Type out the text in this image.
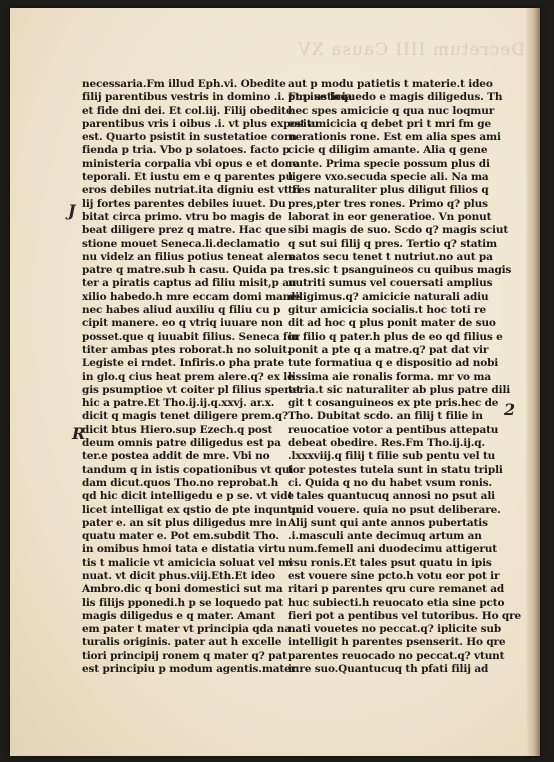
Decretum IIII Causa XV
necessaria.Fm illud Eph.vi. Obedite
filij parentibus vestris in domino .i. Fm iusticia
et fide dni dei. Et col.iij. Filij obedite
parentibus vris i oibus .i. vt plus expositu
est. Quarto psistit in sustetatioe corn
fienda p tria. Vbo p solatoes. facto p
ministeria corpalia vbi opus e et dono
teporali. Et iustu em e q parentes pu
eros debiles nutriat.ita digniu est vt fi
lij fortes parentes debiles iuuet. Du
bitat circa primo. vtru bo magis de
beat diligere prez q matre. Hac que
stione mouet Seneca.li.declamatio
nu videlz an filius potius teneat alere
patre q matre.sub h casu. Quida pa
ter a piratis captus ad filiu misit,p au
xilio habedo.h mre eccam domi manes
nec habes aliud auxiliu q filiu cu p
cipit manere. eo q vtriq iuuare non
posset.que q iuuabit filius. Seneca for
titer ambas ptes roborat.h no soluit.
Legiste ei rndet. Infiris.o pha prate
in glo.q cius heat prem alere.q? ex le
gis psumptioe vt coiter pl filius sperat
hic a patre.Et Tho.ij.ij.q.xxvj. ar.x.
dicit q magis tenet diligere prem.q?
dicit btus Hiero.sup Ezech.q post
deum omnis patre diligedus est pa
ter.e postea addit de mre. Vbi no
tandum q in istis copationibus vt qui
dam dicut.quos Tho.no reprobat.h
qd hic dicit intelligedu e p se. vt vide
licet intelligat ex qstio de pte inquntu
pater e. an sit plus diligedus mre in
quatu mater e. Pot em.subdit Tho.
in omibus hmoi tata e distatia virtu
tis t malicie vt amicicia soluat vel mi
nuat. vt dicit phus.viij.Eth.Et ideo
Ambro.dic q boni domestici sut ma
lis filijs pponedi.h p se loquedo pat
magis diligedus e q mater. Amant
em pater t mater vt principia qda na
turalis originis. pater aut h excelle
tiori principij ronem q mater q? pat
est principiu p modum agentis.mater
aut p modu patietis t materie.t ideo
pt p se loquedo e magis diligedus. Th
hec spes amicicie q qua nuc loqmur
est amicicia q debet pri t mri fm ge
nerationis rone. Est em alia spes ami
cicie q diligim amante. Alia q gene
rante. Prima specie possum plus di
ligere vxo.secuda specie ali. Na ma
tres naturaliter plus diligut filios q
pres,pter tres rones. Primo q? plus
laborat in eor generatioe. Vn ponut
sibi magis de suo. Scdo q? magis sciut
q sut sui filij q pres. Tertio q? statim
natos secu tenet t nutriut.no aut pa
tres.sic t psanguineos cu quibus magis
nutriti sumus vel couersati amplius
diligimus.q? amicicie naturali adiu
gitur amicicia socialis.t hoc toti re
dit ad hoc q plus ponit mater de suo
in filio q pater.h plus de eo qd filius e
ponit a pte q a matre.q? pat dat vir
tute formatiua q e dispositio ad nobi
lissima aie ronalis forma. mr vo ma
teria.t sic naturaliter ab plus patre dili
git t cosanguineos ex pte pris.hec de
Tho. Dubitat scdo. an filij t filie in
reuocatioe votor a pentibus attepatu
debeat obedire. Res.Fm Tho.ij.ij.q.
.lxxxviij.q filij t filie sub pentu vel tu
tor potestes tutela sunt in statu tripli
ci. Quida q no du habet vsum ronis.
t tales quantucuq annosi no psut ali
quid vouere. quia no psut deliberare.
Alij sunt qui ante annos pubertatis
.i.masculi ante decimuq artum an
num.femell ani duodecimu attigerut
vsu ronis.Et tales psut quatu in ipis
est vouere sine pcto.h votu eor pot ir
ritari p parentes qru cure remanet ad
huc subiecti.h reuocato etia sine pcto
fieri pot a pentibus vel tutoribus. Ho qre
nati vouetes no peccat.q? iplicite sub
intelligit h parentes psenserit. Ho qre
parentes reuocado no peccat.q? vtunt
iure suo.Quantucuq th pfati filij ad
J
R
2
